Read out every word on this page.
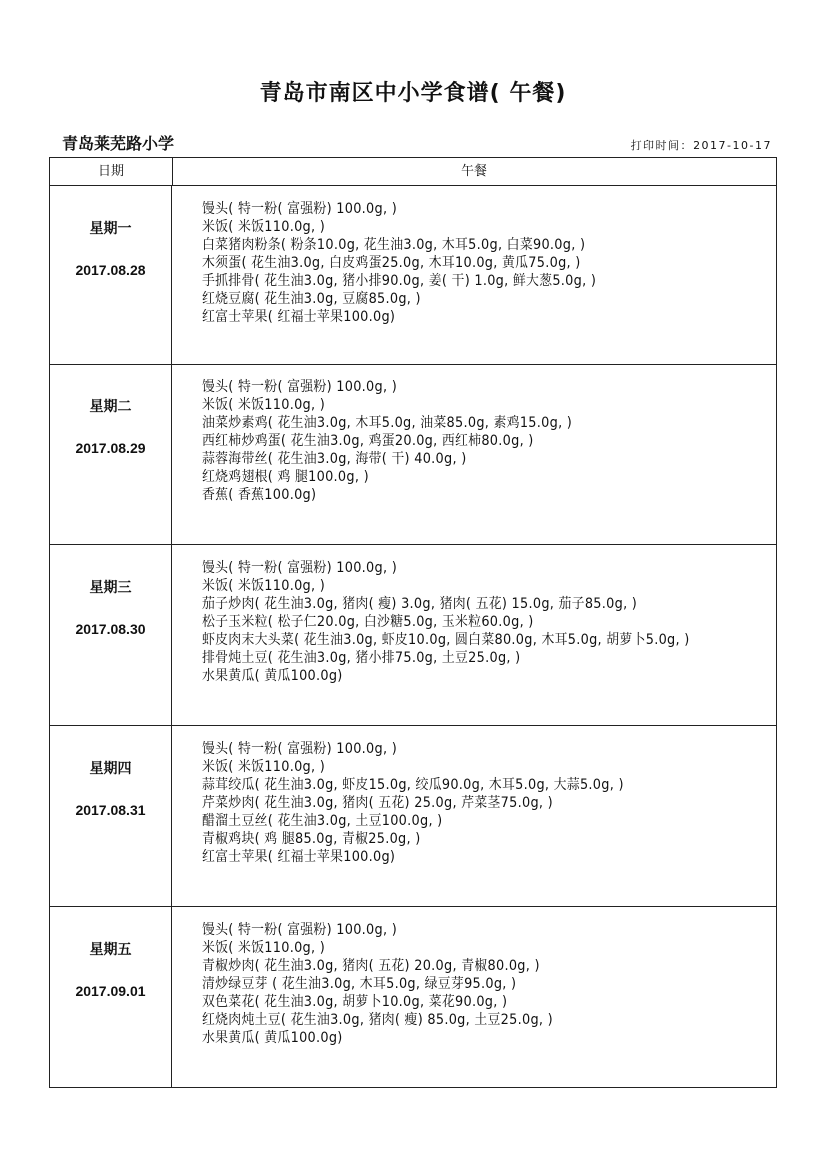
青岛市南区中小学食谱( 午餐)
青岛莱芜路小学	打印时间：2017-10-17
日期	午餐
星期一
2017.08.28
馒头( 特一粉( 富强粉) 100.0g, )
米饭( 米饭110.0g, )
白菜猪肉粉条( 粉条10.0g, 花生油3.0g, 木耳5.0g, 白菜90.0g, )
木须蛋( 花生油3.0g, 白皮鸡蛋25.0g, 木耳10.0g, 黄瓜75.0g, )
手抓排骨( 花生油3.0g, 猪小排90.0g, 姜( 干) 1.0g, 鲜大葱5.0g, )
红烧豆腐( 花生油3.0g, 豆腐85.0g, )
红富士苹果( 红福士苹果100.0g)
星期二
2017.08.29
馒头( 特一粉( 富强粉) 100.0g, )
米饭( 米饭110.0g, )
油菜炒素鸡( 花生油3.0g, 木耳5.0g, 油菜85.0g, 素鸡15.0g, )
西红柿炒鸡蛋( 花生油3.0g, 鸡蛋20.0g, 西红柿80.0g, )
蒜蓉海带丝( 花生油3.0g, 海带( 干) 40.0g, )
红烧鸡翅根( 鸡 腿100.0g, )
香蕉( 香蕉100.0g)
星期三
2017.08.30
馒头( 特一粉( 富强粉) 100.0g, )
米饭( 米饭110.0g, )
茄子炒肉( 花生油3.0g, 猪肉( 瘦) 3.0g, 猪肉( 五花) 15.0g, 茄子85.0g, )
松子玉米粒( 松子仁20.0g, 白沙糖5.0g, 玉米粒60.0g, )
虾皮肉末大头菜( 花生油3.0g, 虾皮10.0g, 圆白菜80.0g, 木耳5.0g, 胡萝卜5.0g, )
排骨炖土豆( 花生油3.0g, 猪小排75.0g, 土豆25.0g, )
水果黄瓜( 黄瓜100.0g)
星期四
2017.08.31
馒头( 特一粉( 富强粉) 100.0g, )
米饭( 米饭110.0g, )
蒜茸绞瓜( 花生油3.0g, 虾皮15.0g, 绞瓜90.0g, 木耳5.0g, 大蒜5.0g, )
芹菜炒肉( 花生油3.0g, 猪肉( 五花) 25.0g, 芹菜茎75.0g, )
醋溜土豆丝( 花生油3.0g, 土豆100.0g, )
青椒鸡块( 鸡 腿85.0g, 青椒25.0g, )
红富士苹果( 红福士苹果100.0g)
星期五
2017.09.01
馒头( 特一粉( 富强粉) 100.0g, )
米饭( 米饭110.0g, )
青椒炒肉( 花生油3.0g, 猪肉( 五花) 20.0g, 青椒80.0g, )
清炒绿豆芽 ( 花生油3.0g, 木耳5.0g, 绿豆芽95.0g, )
双色菜花( 花生油3.0g, 胡萝卜10.0g, 菜花90.0g, )
红烧肉炖土豆( 花生油3.0g, 猪肉( 瘦) 85.0g, 土豆25.0g, )
水果黄瓜( 黄瓜100.0g)
